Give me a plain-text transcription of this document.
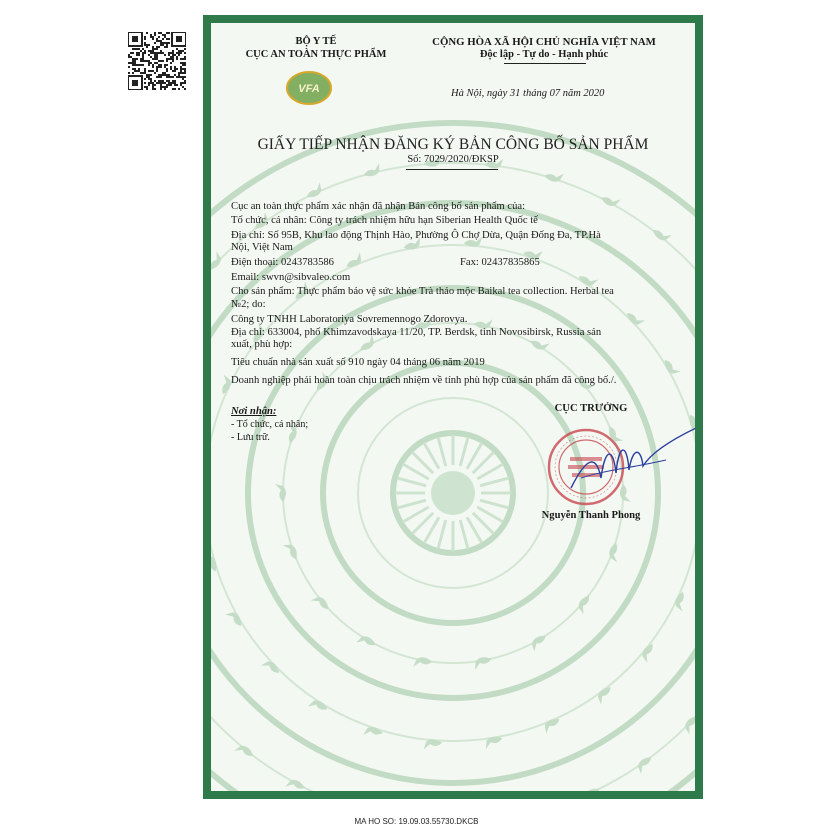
BỘ Y TẾ
CỤC AN TOÀN THỰC PHẨM
VFA
CỘNG HÒA XÃ HỘI CHỦ NGHĨA VIỆT NAM
Độc lập - Tự do - Hạnh phúc
Hà Nội, ngày 31 tháng 07 năm 2020
GIẤY TIẾP NHẬN ĐĂNG KÝ BẢN CÔNG BỐ SẢN PHẨM
Số: 7029/2020/ĐKSP
Cục an toàn thực phẩm xác nhận đã nhận Bản công bố sản phẩm của:
Tổ chức, cá nhân: Công ty trách nhiệm hữu hạn Siberian Health Quốc tế
Địa chỉ: Số 95B, Khu lao động Thịnh Hào, Phường Ô Chợ Dừa, Quận Đống Đa, TP.Hà
Nội, Việt Nam
Điện thoại: 0243783586	Fax: 02437835865
Email: swvn@sibvaleo.com
Cho sản phẩm: Thực phẩm bảo vệ sức khỏe Trà thảo mộc Baikal tea collection. Herbal tea
№2; do:
Công ty TNHH Laboratoriya Sovremennogo Zdorovya.
Địa chỉ: 633004, phố Khimzavodskaya 11/20, TP. Berdsk, tỉnh Novosibirsk, Russia sản
xuất, phù hợp:
Tiêu chuẩn nhà sản xuất số 910 ngày 04 tháng 06 năm 2019
Doanh nghiệp phải hoàn toàn chịu trách nhiệm về tính phù hợp của sản phẩm đã công bố./.
Nơi nhận:
- Tổ chức, cá nhân;
- Lưu trữ.
CỤC TRƯỞNG
Nguyễn Thanh Phong
MA HO SO: 19.09.03.55730.DKCB
